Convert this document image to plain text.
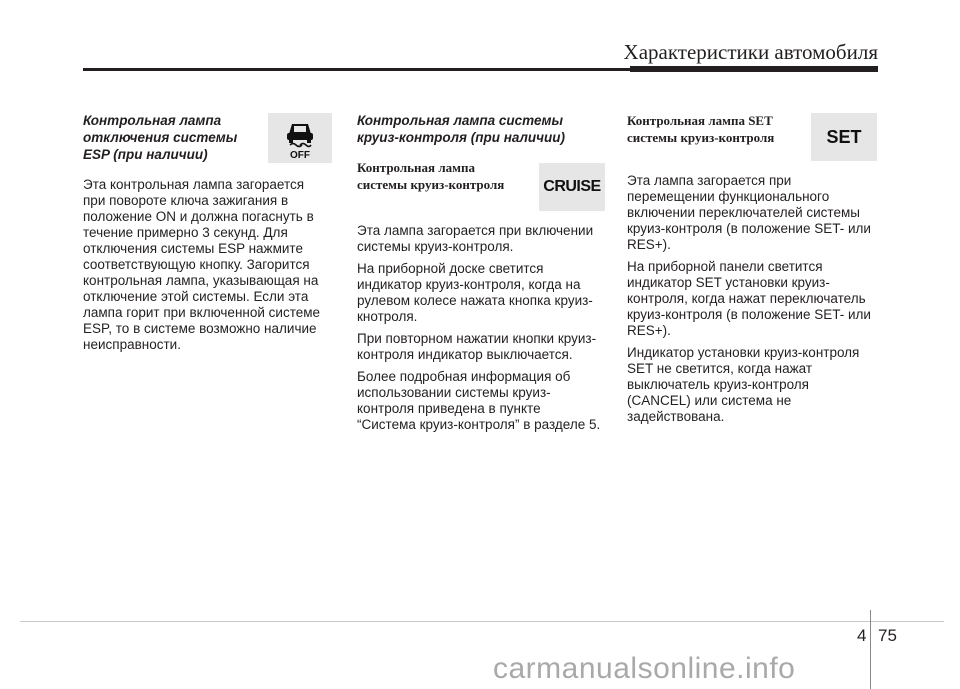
Характеристики автомобиля
Контрольная лампа
отключения системы
ESP (при наличии)	OFF
Эта контрольная лампа загорается
при повороте ключа зажигания в
положение ON и должна погаснуть в
течение примерно 3 секунд. Для
отключения системы ESP нажмите
соответствующую кнопку. Загорится
контрольная лампа, указывающая на
отключение этой системы. Если эта
лампа горит при включенной системе
ESP, то в системе возможно наличие
неисправности.
Контрольная лампа системы
круиз-контроля (при наличии)
Контрольная лампа
системы круиз-контроля	CRUISE

Эта лампа загорается при включении
системы круиз-контроля.

На приборной доске светится
индикатор круиз-контроля, когда на
рулевом колесе нажата кнопка круиз-
кнотроля.

При повторном нажатии кнопки круиз-
контроля индикатор выключается.

Более подробная информация об
использовании системы круиз-
контроля приведена в пункте
“Система круиз-контроля” в разделе 5.

Контрольная лампа SET
системы круиз-контроля	SET

Эта лампа загорается при
перемещении функционального
включении переключателей системы
круиз-контроля (в положение SET- или
RES+).

На приборной панели светится
индикатор SET установки круиз-
контроля, когда нажат переключатель
круиз-контроля (в положение SET- или
RES+).

Индикатор установки круиз-контроля
SET не светится, когда нажат
выключатель круиз-контроля
(CANCEL) или система не
задействована.

4 75
carmanualsonline.info
